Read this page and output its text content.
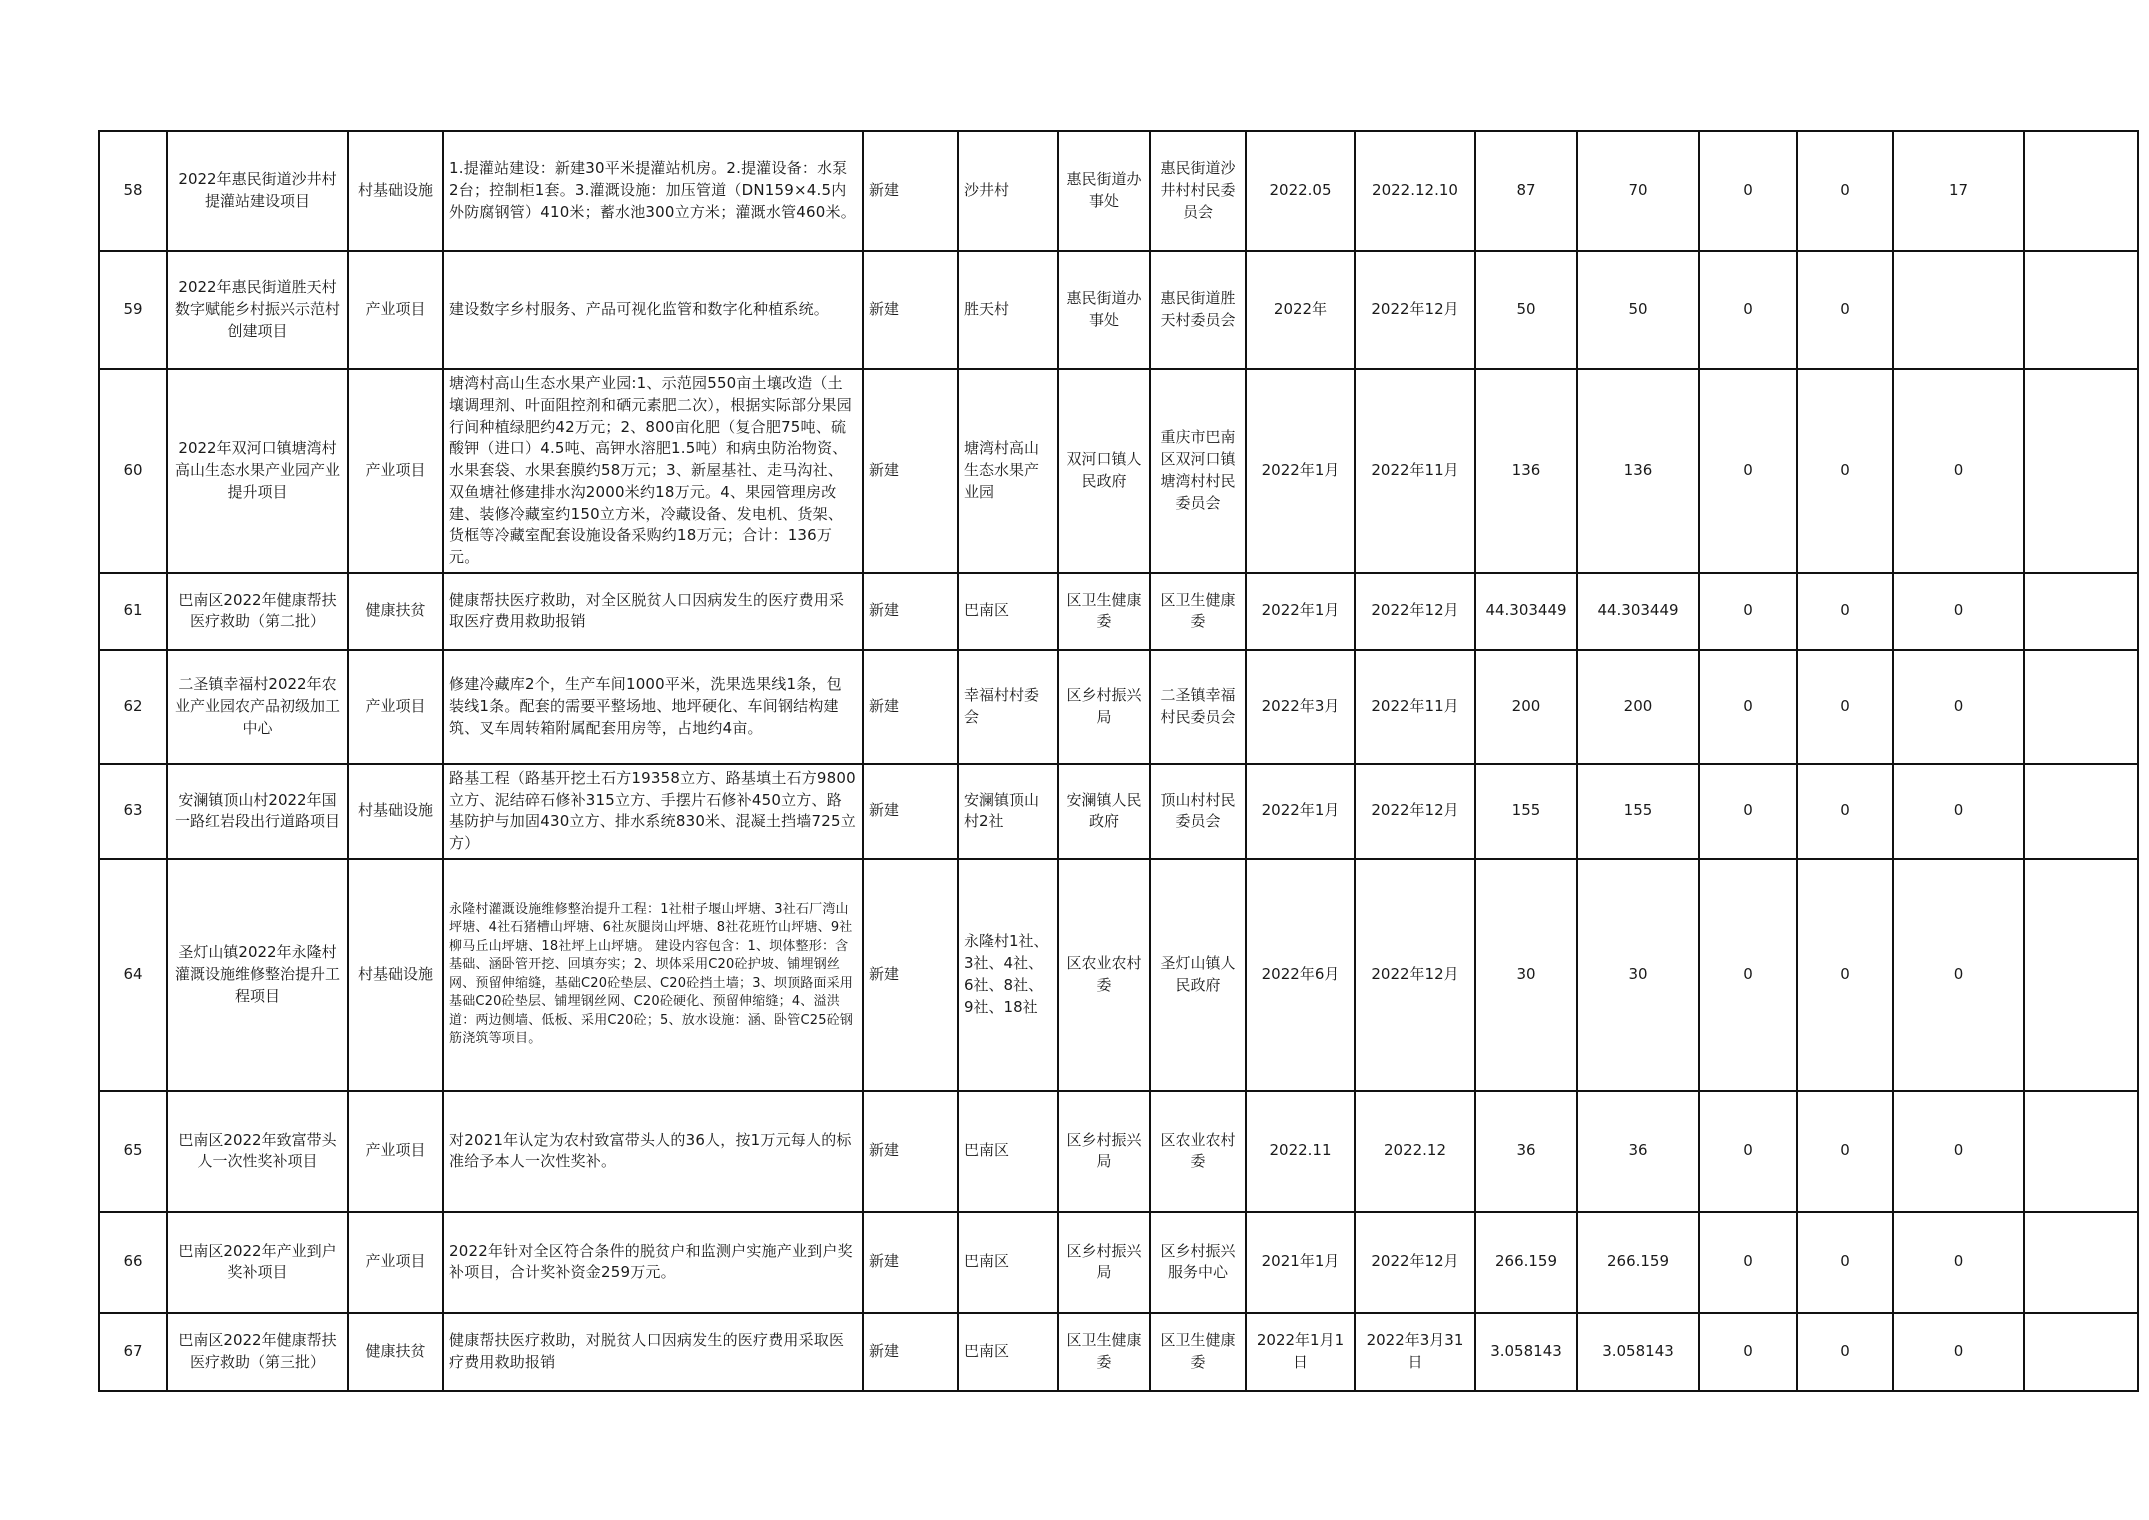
58	2022年惠民街道沙井村提灌站建设项目	村基础设施	1.提灌站建设：新建30平米提灌站机房。2.提灌设备：水泵2台；控制柜1套。3.灌溉设施：加压管道（DN159×4.5内外防腐钢管）410米；蓄水池300立方米；灌溉水管460米。	新建	沙井村	惠民街道办事处	惠民街道沙井村村民委员会	2022.05	2022.12.10	87	70	0	0	17	
59	2022年惠民街道胜天村数字赋能乡村振兴示范村创建项目	产业项目	建设数字乡村服务、产品可视化监管和数字化种植系统。	新建	胜天村	惠民街道办事处	惠民街道胜天村委员会	2022年	2022年12月	50	50	0	0		
60	2022年双河口镇塘湾村高山生态水果产业园产业提升项目	产业项目	塘湾村高山生态水果产业园:1、示范园550亩土壤改造（土壤调理剂、叶面阻控剂和硒元素肥二次），根据实际部分果园行间种植绿肥约42万元；2、800亩化肥（复合肥75吨、硫酸钾（进口）4.5吨、高钾水溶肥1.5吨）和病虫防治物资、水果套袋、水果套膜约58万元；3、新屋基社、走马沟社、双鱼塘社修建排水沟2000米约18万元。4、果园管理房改建、装修冷藏室约150立方米，冷藏设备、发电机、货架、货框等冷藏室配套设施设备采购约18万元；合计：136万元。	新建	塘湾村高山生态水果产业园	双河口镇人民政府	重庆市巴南区双河口镇塘湾村村民委员会	2022年1月	2022年11月	136	136	0	0	0	
61	巴南区2022年健康帮扶医疗救助（第二批）	健康扶贫	健康帮扶医疗救助，对全区脱贫人口因病发生的医疗费用采取医疗费用救助报销	新建	巴南区	区卫生健康委	区卫生健康委	2022年1月	2022年12月	44.303449	44.303449	0	0	0	
62	二圣镇幸福村2022年农业产业园农产品初级加工中心	产业项目	修建冷藏库2个，生产车间1000平米，洗果选果线1条，包装线1条。配套的需要平整场地、地坪硬化、车间钢结构建筑、叉车周转箱附属配套用房等，占地约4亩。	新建	幸福村村委会	区乡村振兴局	二圣镇幸福村民委员会	2022年3月	2022年11月	200	200	0	0	0	
63	安澜镇顶山村2022年国一路红岩段出行道路项目	村基础设施	路基工程（路基开挖土石方19358立方、路基填土石方9800立方、泥结碎石修补315立方、手摆片石修补450立方、路基防护与加固430立方、排水系统830米、混凝土挡墙725立方）	新建	安澜镇顶山村2社	安澜镇人民政府	顶山村村民委员会	2022年1月	2022年12月	155	155	0	0	0	
64	圣灯山镇2022年永隆村灌溉设施维修整治提升工程项目	村基础设施	永隆村灌溉设施维修整治提升工程：1社柑子堰山坪塘、3社石厂湾山坪塘、4社石猪槽山坪塘、6社灰腿岗山坪塘、8社花班竹山坪塘、9社柳马丘山坪塘、18社坪上山坪塘。 建设内容包含：1、坝体整形：含基础、涵卧管开挖、回填夯实；2、坝体采用C20砼护坡、铺埋钢丝网、预留伸缩缝，基础C20砼垫层、C20砼挡土墙；3、坝顶路面采用基础C20砼垫层、铺埋钢丝网、C20砼硬化、预留伸缩缝；4、溢洪道：两边侧墙、低板、采用C20砼；5、放水设施：涵、卧管C25砼钢筋浇筑等项目。	新建	永隆村1社、3社、4社、6社、8社、9社、18社	区农业农村委	圣灯山镇人民政府	2022年6月	2022年12月	30	30	0	0	0	
65	巴南区2022年致富带头人一次性奖补项目	产业项目	对2021年认定为农村致富带头人的36人，按1万元每人的标准给予本人一次性奖补。	新建	巴南区	区乡村振兴局	区农业农村委	2022.11	2022.12	36	36	0	0	0	
66	巴南区2022年产业到户奖补项目	产业项目	2022年针对全区符合条件的脱贫户和监测户实施产业到户奖补项目，合计奖补资金259万元。	新建	巴南区	区乡村振兴局	区乡村振兴服务中心	2021年1月	2022年12月	266.159	266.159	0	0	0	
67	巴南区2022年健康帮扶医疗救助（第三批）	健康扶贫	健康帮扶医疗救助，对脱贫人口因病发生的医疗费用采取医疗费用救助报销	新建	巴南区	区卫生健康委	区卫生健康委	2022年1月1日	2022年3月31日	3.058143	3.058143	0	0	0	
